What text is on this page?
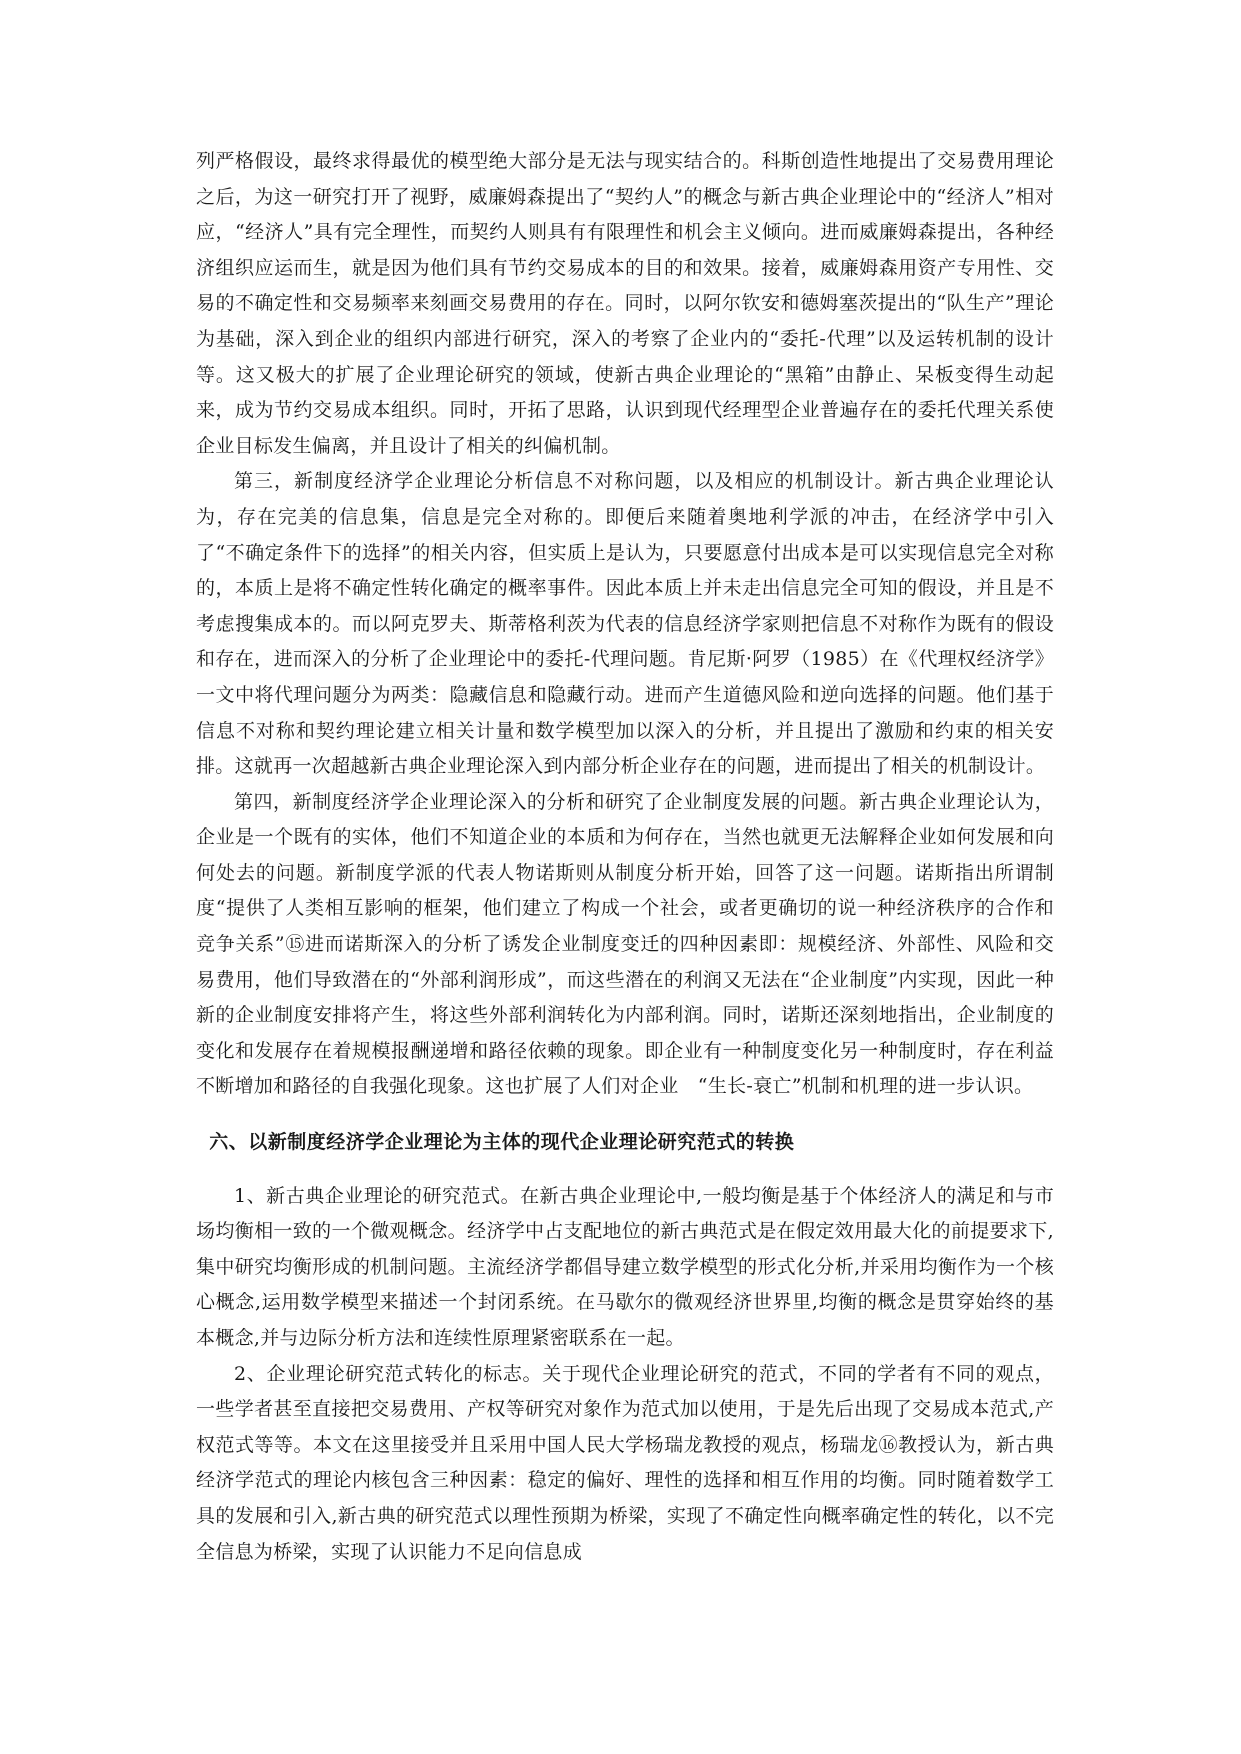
列严格假设，最终求得最优的模型绝大部分是无法与现实结合的。科斯创造性地提出了交易费用理论之后，为这一研究打开了视野，威廉姆森提出了“契约人”的概念与新古典企业理论中的“经济人”相对应，“经济人”具有完全理性，而契约人则具有有限理性和机会主义倾向。进而威廉姆森提出，各种经济组织应运而生，就是因为他们具有节约交易成本的目的和效果。接着，威廉姆森用资产专用性、交易的不确定性和交易频率来刻画交易费用的存在。同时，以阿尔钦安和德姆塞茨提出的“队生产”理论为基础，深入到企业的组织内部进行研究，深入的考察了企业内的“委托-代理”以及运转机制的设计等。这又极大的扩展了企业理论研究的领域，使新古典企业理论的“黑箱”由静止、呆板变得生动起来，成为节约交易成本组织。同时，开拓了思路，认识到现代经理型企业普遍存在的委托代理关系使企业目标发生偏离，并且设计了相关的纠偏机制。

第三，新制度经济学企业理论分析信息不对称问题，以及相应的机制设计。新古典企业理论认为，存在完美的信息集，信息是完全对称的。即便后来随着奥地利学派的冲击，在经济学中引入了“不确定条件下的选择”的相关内容，但实质上是认为，只要愿意付出成本是可以实现信息完全对称的，本质上是将不确定性转化确定的概率事件。因此本质上并未走出信息完全可知的假设，并且是不考虑搜集成本的。而以阿克罗夫、斯蒂格利茨为代表的信息经济学家则把信息不对称作为既有的假设和存在，进而深入的分析了企业理论中的委托-代理问题。肯尼斯·阿罗（1985）在《代理权经济学》一文中将代理问题分为两类：隐藏信息和隐藏行动。进而产生道德风险和逆向选择的问题。他们基于信息不对称和契约理论建立相关计量和数学模型加以深入的分析，并且提出了激励和约束的相关安排。这就再一次超越新古典企业理论深入到内部分析企业存在的问题，进而提出了相关的机制设计。

第四，新制度经济学企业理论深入的分析和研究了企业制度发展的问题。新古典企业理论认为，企业是一个既有的实体，他们不知道企业的本质和为何存在，当然也就更无法解释企业如何发展和向何处去的问题。新制度学派的代表人物诺斯则从制度分析开始，回答了这一问题。诺斯指出所谓制度“提供了人类相互影响的框架，他们建立了构成一个社会，或者更确切的说一种经济秩序的合作和竞争关系”⑮进而诺斯深入的分析了诱发企业制度变迁的四种因素即：规模经济、外部性、风险和交易费用，他们导致潜在的“外部利润形成”，而这些潜在的利润又无法在“企业制度”内实现，因此一种新的企业制度安排将产生，将这些外部利润转化为内部利润。同时，诺斯还深刻地指出，企业制度的变化和发展存在着规模报酬递增和路径依赖的现象。即企业有一种制度变化另一种制度时，存在利益不断增加和路径的自我强化现象。这也扩展了人们对企业　“生长-衰亡”机制和机理的进一步认识。

六、以新制度经济学企业理论为主体的现代企业理论研究范式的转换

1、新古典企业理论的研究范式。在新古典企业理论中,一般均衡是基于个体经济人的满足和与市场均衡相一致的一个微观概念。经济学中占支配地位的新古典范式是在假定效用最大化的前提要求下,集中研究均衡形成的机制问题。主流经济学都倡导建立数学模型的形式化分析,并采用均衡作为一个核心概念,运用数学模型来描述一个封闭系统。在马歇尔的微观经济世界里,均衡的概念是贯穿始终的基本概念,并与边际分析方法和连续性原理紧密联系在一起。

2、企业理论研究范式转化的标志。关于现代企业理论研究的范式，不同的学者有不同的观点，一些学者甚至直接把交易费用、产权等研究对象作为范式加以使用，于是先后出现了交易成本范式,产权范式等等。本文在这里接受并且采用中国人民大学杨瑞龙教授的观点，杨瑞龙⑯教授认为，新古典经济学范式的理论内核包含三种因素：稳定的偏好、理性的选择和相互作用的均衡。同时随着数学工具的发展和引入,新古典的研究范式以理性预期为桥梁，实现了不确定性向概率确定性的转化，以不完全信息为桥梁，实现了认识能力不足向信息成
